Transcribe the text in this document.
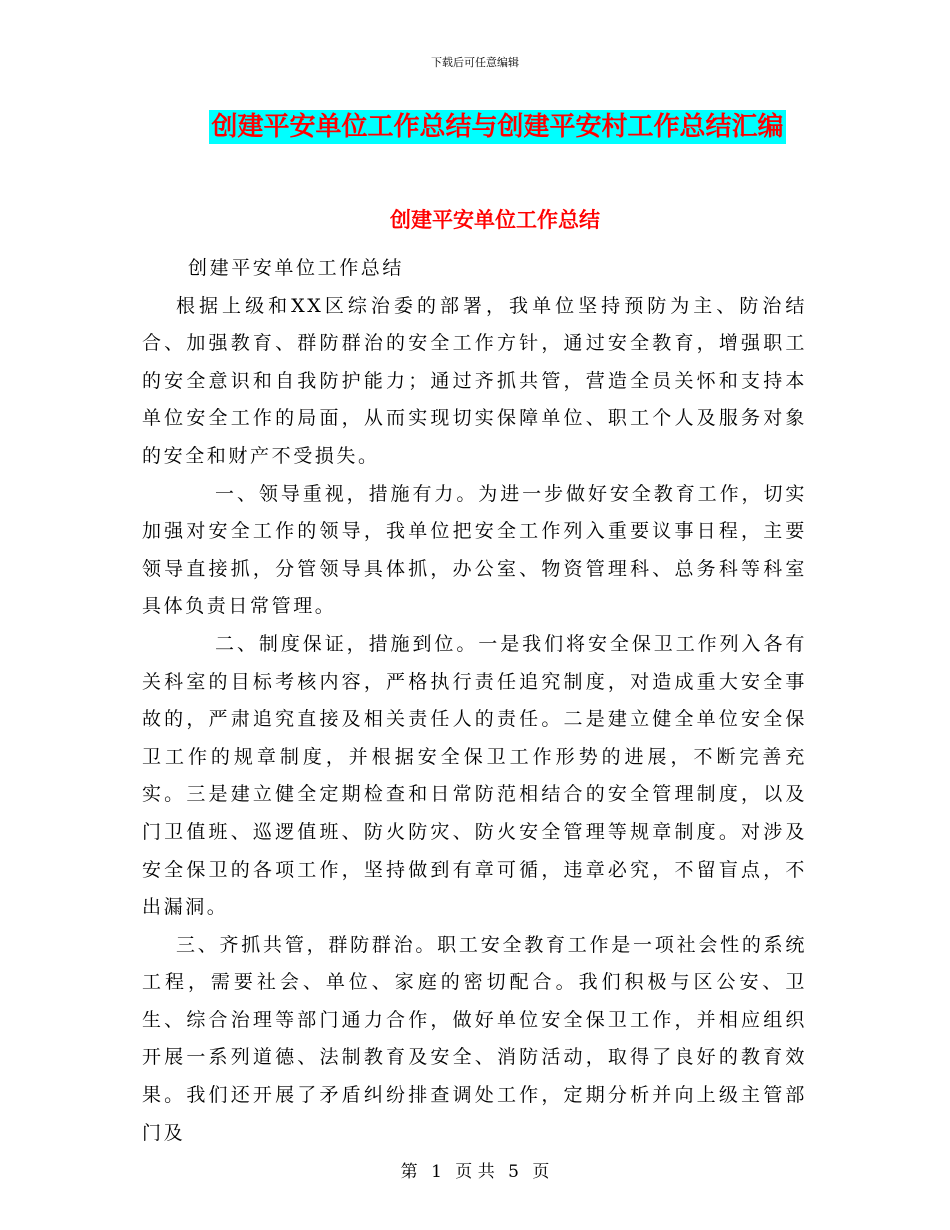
下载后可任意编辑
创建平安单位工作总结与创建平安村工作总结汇编
创建平安单位工作总结

创建平安单位工作总结

根据上级和XX区综治委的部署，我单位坚持预防为主、防治结合、加强教育、群防群治的安全工作方针，通过安全教育，增强职工的安全意识和自我防护能力；通过齐抓共管，营造全员关怀和支持本单位安全工作的局面，从而实现切实保障单位、职工个人及服务对象的安全和财产不受损失。

一、领导重视，措施有力。为进一步做好安全教育工作，切实加强对安全工作的领导，我单位把安全工作列入重要议事日程，主要领导直接抓，分管领导具体抓，办公室、物资管理科、总务科等科室具体负责日常管理。

二、制度保证，措施到位。一是我们将安全保卫工作列入各有关科室的目标考核内容，严格执行责任追究制度，对造成重大安全事故的，严肃追究直接及相关责任人的责任。二是建立健全单位安全保卫工作的规章制度，并根据安全保卫工作形势的进展，不断完善充实。三是建立健全定期检查和日常防范相结合的安全管理制度，以及门卫值班、巡逻值班、防火防灾、防火安全管理等规章制度。对涉及安全保卫的各项工作，坚持做到有章可循，违章必究，不留盲点，不出漏洞。

三、齐抓共管，群防群治。职工安全教育工作是一项社会性的系统工程，需要社会、单位、家庭的密切配合。我们积极与区公安、卫生、综合治理等部门通力合作，做好单位安全保卫工作，并相应组织开展一系列道德、法制教育及安全、消防活动，取得了良好的教育效果。我们还开展了矛盾纠纷排查调处工作，定期分析并向上级主管部门及

第 1 页 共 5 页
